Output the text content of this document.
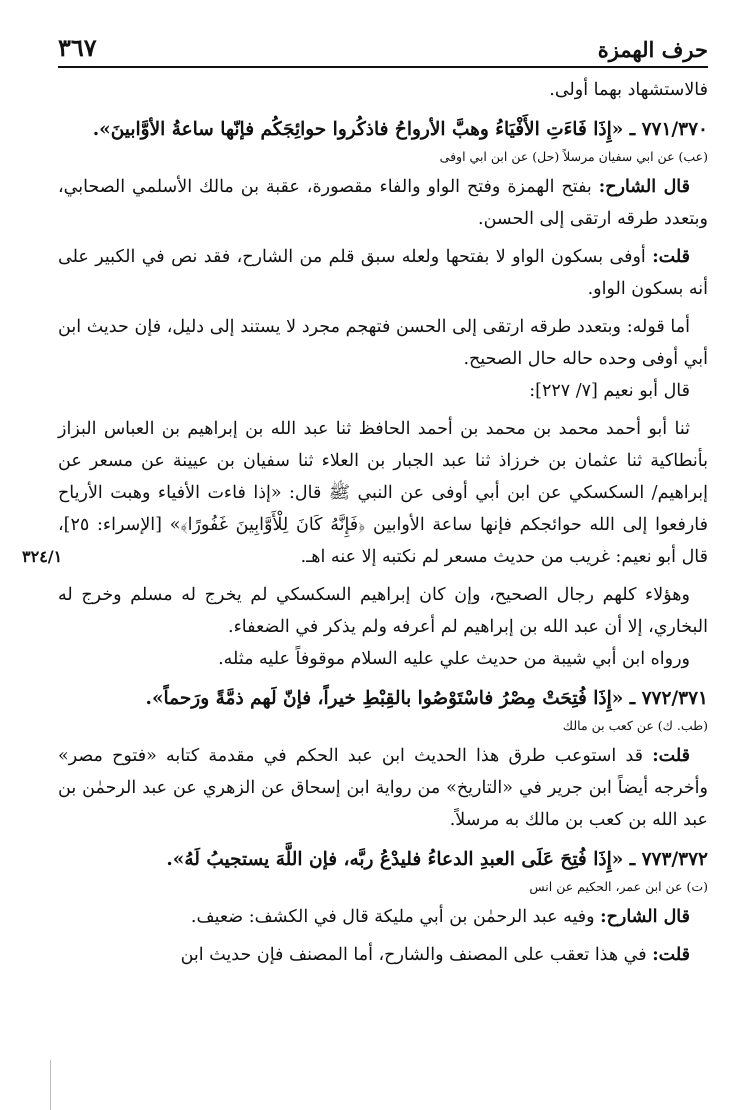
حرف الهمزة
٣٦٧

فالاستشهاد بهما أولى.

٧٧١/٣٧٠ ـ «إِذَا فَاءَتِ الأَفْيَاءُ وهبَّ الأرواحُ فاذكُروا حوائِجَكُم فإنّها ساعةُ الأوَّابينَ».

(عب) عن ابي سفيان مرسلاً (حل) عن ابن ابي اوفى

قال الشارح: بفتح الهمزة وفتح الواو والفاء مقصورة، عقبة بن مالك الأسلمي الصحابي، وبتعدد طرقه ارتقى إلى الحسن.

قلت: أوفى بسكون الواو لا بفتحها ولعله سبق قلم من الشارح، فقد نص في الكبير على أنه بسكون الواو.

أما قوله: وبتعدد طرقه ارتقى إلى الحسن فتهجم مجرد لا يستند إلى دليل، فإن حديث ابن أبي أوفى وحده حاله حال الصحيح.

قال أبو نعيم [٧/ ٢٢٧]:

ثنا أبو أحمد محمد بن محمد بن أحمد الحافظ ثنا عبد الله بن إبراهيم بن العباس البزاز بأنطاكية ثنا عثمان بن خرزاذ ثنا عبد الجبار بن العلاء ثنا سفيان بن عيينة عن مسعر عن إبراهيم/ السكسكي عن ابن أبي أوفى عن النبي ﷺ قال: «إذا فاءت الأفياء وهبت الأرياح فارفعوا إلى الله حوائجكم فإنها ساعة الأوابين ﴿فَإِنَّهُ كَانَ لِلْأَوَّابِينَ غَفُورًا﴾» [الإسراء: ٢٥]، قال أبو نعيم: غريب من حديث مسعر لم نكتبه إلا عنه اهـ.
٣٢٤/١

وهؤلاء كلهم رجال الصحيح، وإن كان إبراهيم السكسكي لم يخرج له مسلم وخرج له البخاري، إلا أن عبد الله بن إبراهيم لم أعرفه ولم يذكر في الضعفاء.

ورواه ابن أبي شيبة من حديث علي عليه السلام موقوفاً عليه مثله.

٧٧٢/٣٧١ ـ «إِذَا فُتِحَتْ مِصْرُ فاسْتَوْصُوا بالقِبْطِ خيراً، فإنّ لَهم ذمَّةً ورَحماً».

(طب. ك) عن كعب بن مالك

قلت: قد استوعب طرق هذا الحديث ابن عبد الحكم في مقدمة كتابه «فتوح مصر» وأخرجه أيضاً ابن جرير في «التاريخ» من رواية ابن إسحاق عن الزهري عن عبد الرحمٰن بن عبد الله بن كعب بن مالك به مرسلاً.

٧٧٣/٣٧٢ ـ «إِذَا فُتِحَ عَلَى العبدِ الدعاءُ فليدْعُ ربَّه، فإن اللَّهَ يستجيبُ لَهُ».

(ت) عن ابن عمر، الحكيم عن انس

قال الشارح: وفيه عبد الرحمٰن بن أبي مليكة قال في الكشف: ضعيف.

قلت: في هذا تعقب على المصنف والشارح، أما المصنف فإن حديث ابن
